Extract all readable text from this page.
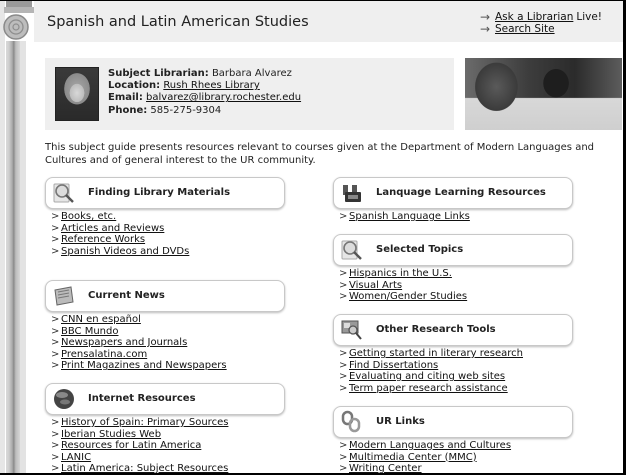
Spanish and Latin American Studies	→ Ask a Librarian Live!
→ Search Site
Subject Librarian: Barbara Alvarez
Location: Rush Rhees Library
Email: balvarez@library.rochester.edu
Phone: 585-275-9304
This subject guide presents resources relevant to courses given at the Department of Modern Languages and Cultures and of general interest to the UR community.
Finding Library Materials
> Books, etc.
> Articles and Reviews
> Reference Works
> Spanish Videos and DVDs
Current News
> CNN en español
> BBC Mundo
> Newspapers and Journals
> Prensalatina.com
> Print Magazines and Newspapers
Internet Resources
> History of Spain: Primary Sources
> Iberian Studies Web
> Resources for Latin America
> LANIC
> Latin America: Subject Resources
Lanquage Learning Resources
> Spanish Language Links
Selected Topics
> Hispanics in the U.S.
> Visual Arts
> Women/Gender Studies
Other Research Tools
> Getting started in literary research
> Find Dissertations
> Evaluating and citing web sites
> Term paper research assistance
UR Links
> Modern Languages and Cultures
> Multimedia Center (MMC)
> Writing Center
